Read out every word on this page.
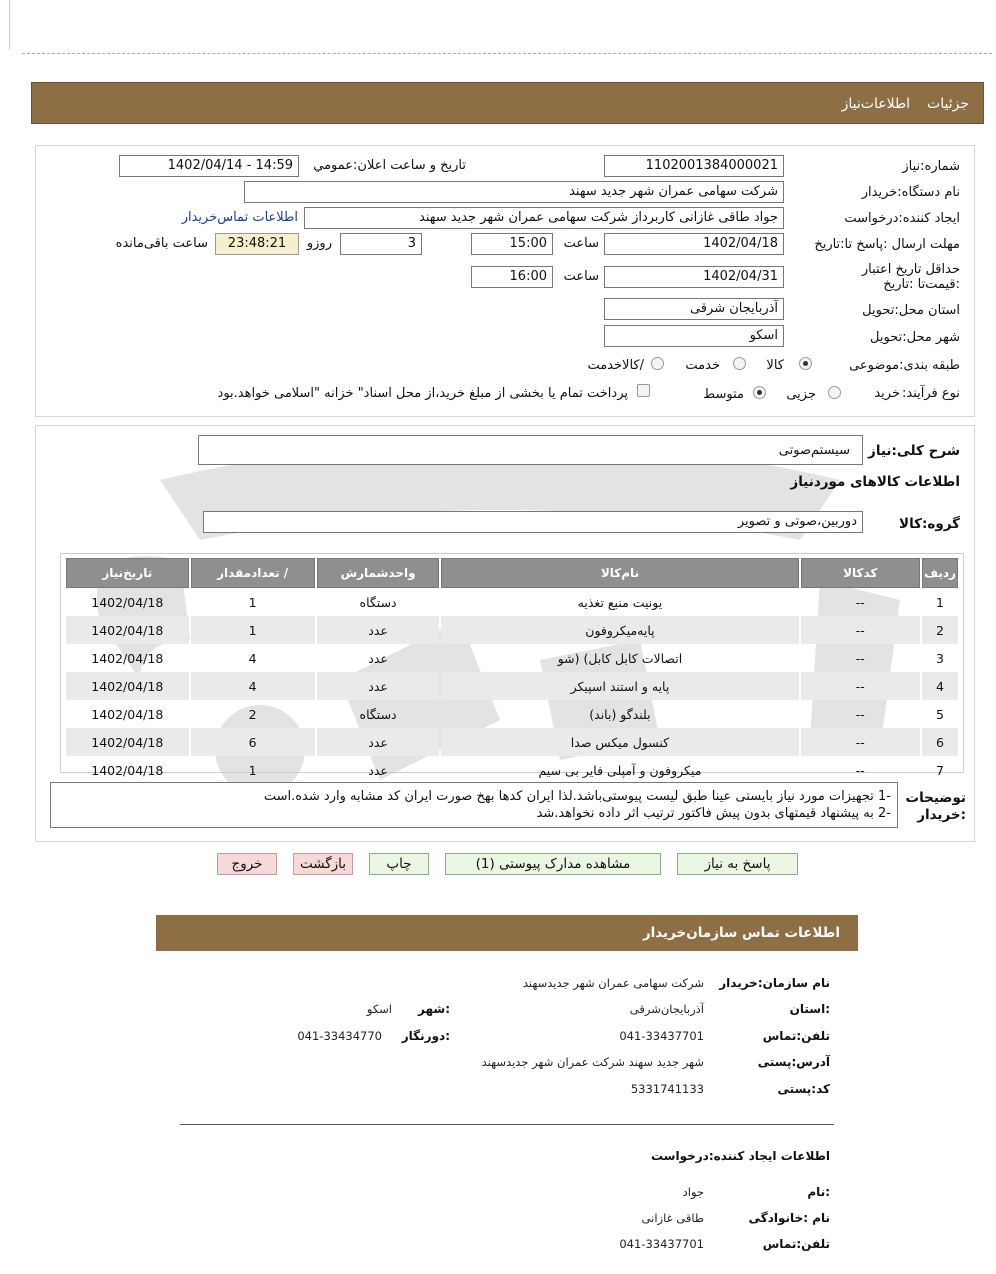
جزئیات
اطلاعات‌نیاز
شماره:نیاز
1102001384000021
تاریخ و ساعت اعلان:عمومي
1402/04/14 - 14:59
نام دستگاه:خریدار
شرکت سهامی عمران شهر جدید سهند
ایجاد کننده:درخواست
جواد طاقی غازانی کاربرداز شرکت سهامی عمران شهر جدید سهند
اطلاعات تماس‌خریدار
مهلت ارسال :پاسخ تا:تاریخ
1402/04/18
ساعت
15:00
3
روزو
23:48:21
ساعت باقی‌مانده
حداقل تاریخ اعتبار :قیمت‌تا :تاریخ
1402/04/31
ساعت
16:00
استان محل:تحویل
آذربایجان شرقی
شهر محل:تحویل
اسکو
طبقه بندی:موضوعی
کالا
خدمت
/کالاخدمت
نوع فرآیند:
خرید
جزیی
متوسط
پرداخت تمام یا بخشی از مبلغ خرید،از محل اسناد" خزانه "اسلامی خواهد.بود
شرح کلی:نیاز
سیستم‌صوتی
اطلاعات کالاهای موردنیاز
گروه:کالا
دوربین،صوتی و تصویر
ردیف	کدکالا	نام‌کالا	واحدشمارش	/ تعدادمقدار	تاریخ‌نیاز
1	--	یونیت منبع تغذیه	دستگاه	1	1402/04/18
2	--	پایه‌میکروفون	عدد	1	1402/04/18
3	--	اتصالات کابل کابل) (شو	عدد	4	1402/04/18
4	--	پایه و استند اسپیکر	عدد	4	1402/04/18
5	--	بلندگو (باند)	دستگاه	2	1402/04/18
6	--	کنسول میکس صدا	عدد	6	1402/04/18
7	--	میکروفون و آمپلی فایر بی سیم	عدد	1	1402/04/18
توضیحات :خریدار
-1 تجهیزات مورد نیاز بایستی عینا طبق لیست پیوستی‌باشد.لذا ایران کدها بهخ صورت ایران کد مشابه وارد شده.است
-2 به پیشنهاد قیمتهای بدون پیش فاکتور ترتیب اثر داده نخواهد.شد
پاسخ به نیاز
مشاهده مدارک پیوستی (1)
چاپ
بازگشت
خروج
اطلاعات تماس سازمان‌خریدار
نام سازمان:خریدار
شرکت سهامی عمران شهر جدیدسهند
:استان
آذربایجان‌شرقی
:شهر
اسکو
تلفن:تماس
041-33437701
:دورنگار
041-33434770
آدرس:پستی
شهر جدید سهند شرکت عمران شهر جدیدسهند
کد:پستی
5331741133
اطلاعات ایجاد کننده:درخواست
:نام
جواد
نام :خانوادگی
طاقی غازانی
تلفن:تماس
041-33437701
